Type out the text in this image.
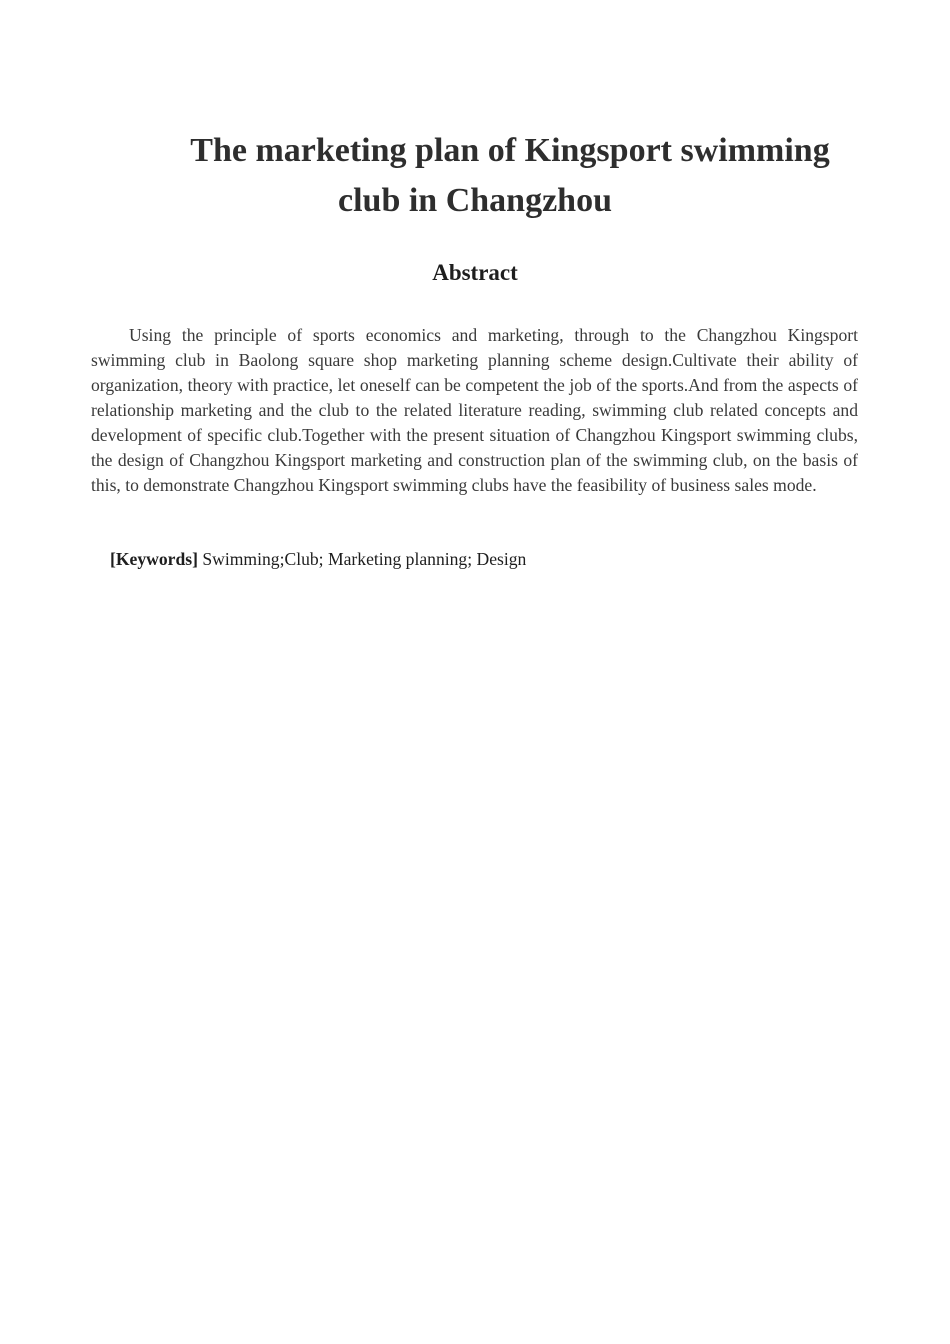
The marketing plan of Kingsport swimming
club in Changzhou
Abstract

Using the principle of sports economics and marketing, through to the Changzhou Kingsport swimming club in Baolong square shop marketing planning scheme design.Cultivate their ability of organization, theory with practice, let oneself can be competent the job of the sports.And from the aspects of relationship marketing and the club to the related literature reading, swimming club related concepts and development of specific club.Together with the present situation of Changzhou Kingsport swimming clubs, the design of Changzhou Kingsport marketing and construction plan of the swimming club, on the basis of this, to demonstrate Changzhou Kingsport swimming clubs have the feasibility of business sales mode.

[Keywords] Swimming;Club; Marketing planning; Design
